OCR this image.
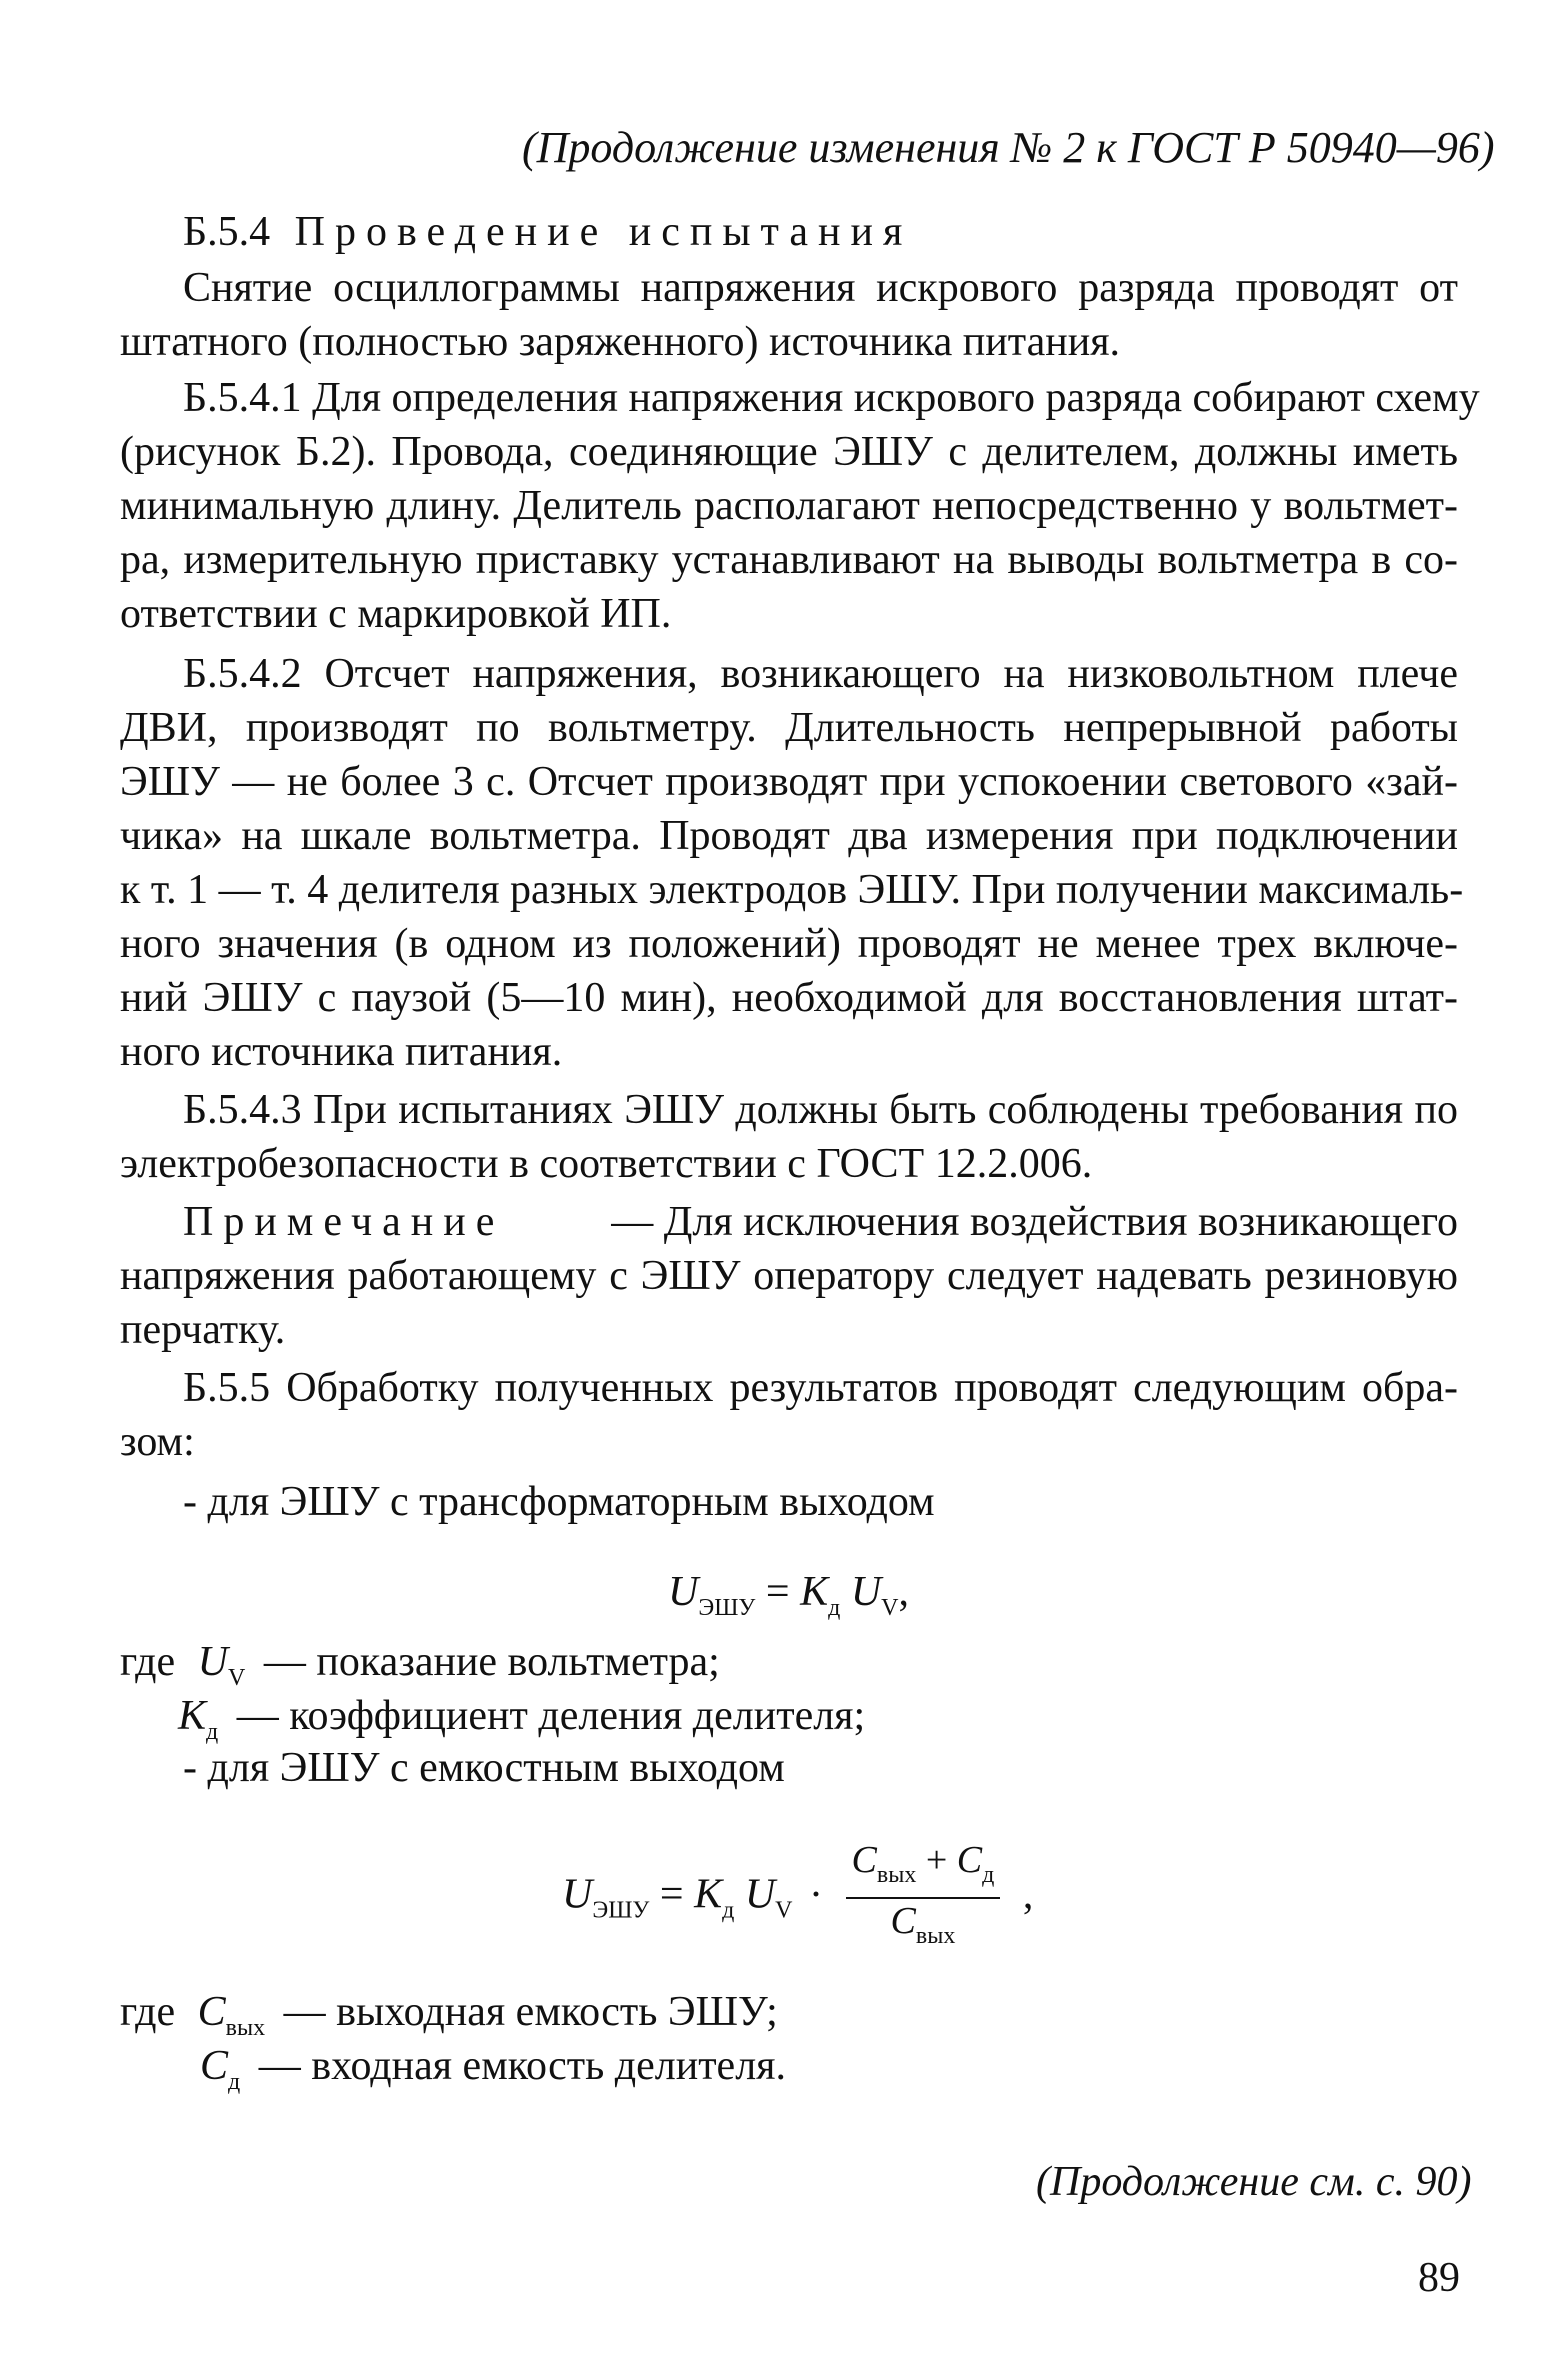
(Продолжение изменения № 2 к ГОСТ Р 50940—96)
Б.5.4 Проведение испытания
Снятие осциллограммы напряжения искрового разряда проводят от
штатного (полностью заряженного) источника питания.
Б.5.4.1 Для определения напряжения искрового разряда собирают схему
(рисунок Б.2). Провода, соединяющие ЭШУ с делителем, должны иметь
минимальную длину. Делитель располагают непосредственно у вольтмет-
ра, измерительную приставку устанавливают на выводы вольтметра в со-
ответствии с маркировкой ИП.
Б.5.4.2 Отсчет напряжения, возникающего на низковольтном плече
ДВИ, производят по вольтметру. Длительность непрерывной работы
ЭШУ — не более 3 с. Отсчет производят при успокоении светового «зай-
чика» на шкале вольтметра. Проводят два измерения при подключении
к т. 1 — т. 4 делителя разных электродов ЭШУ. При получении максималь-
ного значения (в одном из положений) проводят не менее трех включе-
ний ЭШУ с паузой (5—10 мин), необходимой для восстановления штат-
ного источника питания.
Б.5.4.3 При испытаниях ЭШУ должны быть соблюдены требования по
электробезопасности в соответствии с ГОСТ 12.2.006.
Примечание	— Для исключения воздействия возникающего
напряжения работающему с ЭШУ оператору следует надевать резиновую
перчатку.
Б.5.5 Обработку полученных результатов проводят следующим обра-
зом:
- для ЭШУ с трансформаторным выходом
$U_{ЭШУ} = K_д$ $U_V$,
где $U_V$ — показание вольтметра;
$K_д$ — коэффициент деления делителя;
- для ЭШУ с емкостным выходом
$U_{ЭШУ} = K_д$ $U_V \cdot \frac{C_{вых} + C_д}{C_{вых}}$ ,
где $C_{вых}$ — выходная емкость ЭШУ;
$C_д$ — входная емкость делителя.
(Продолжение см. с. 90)
89
